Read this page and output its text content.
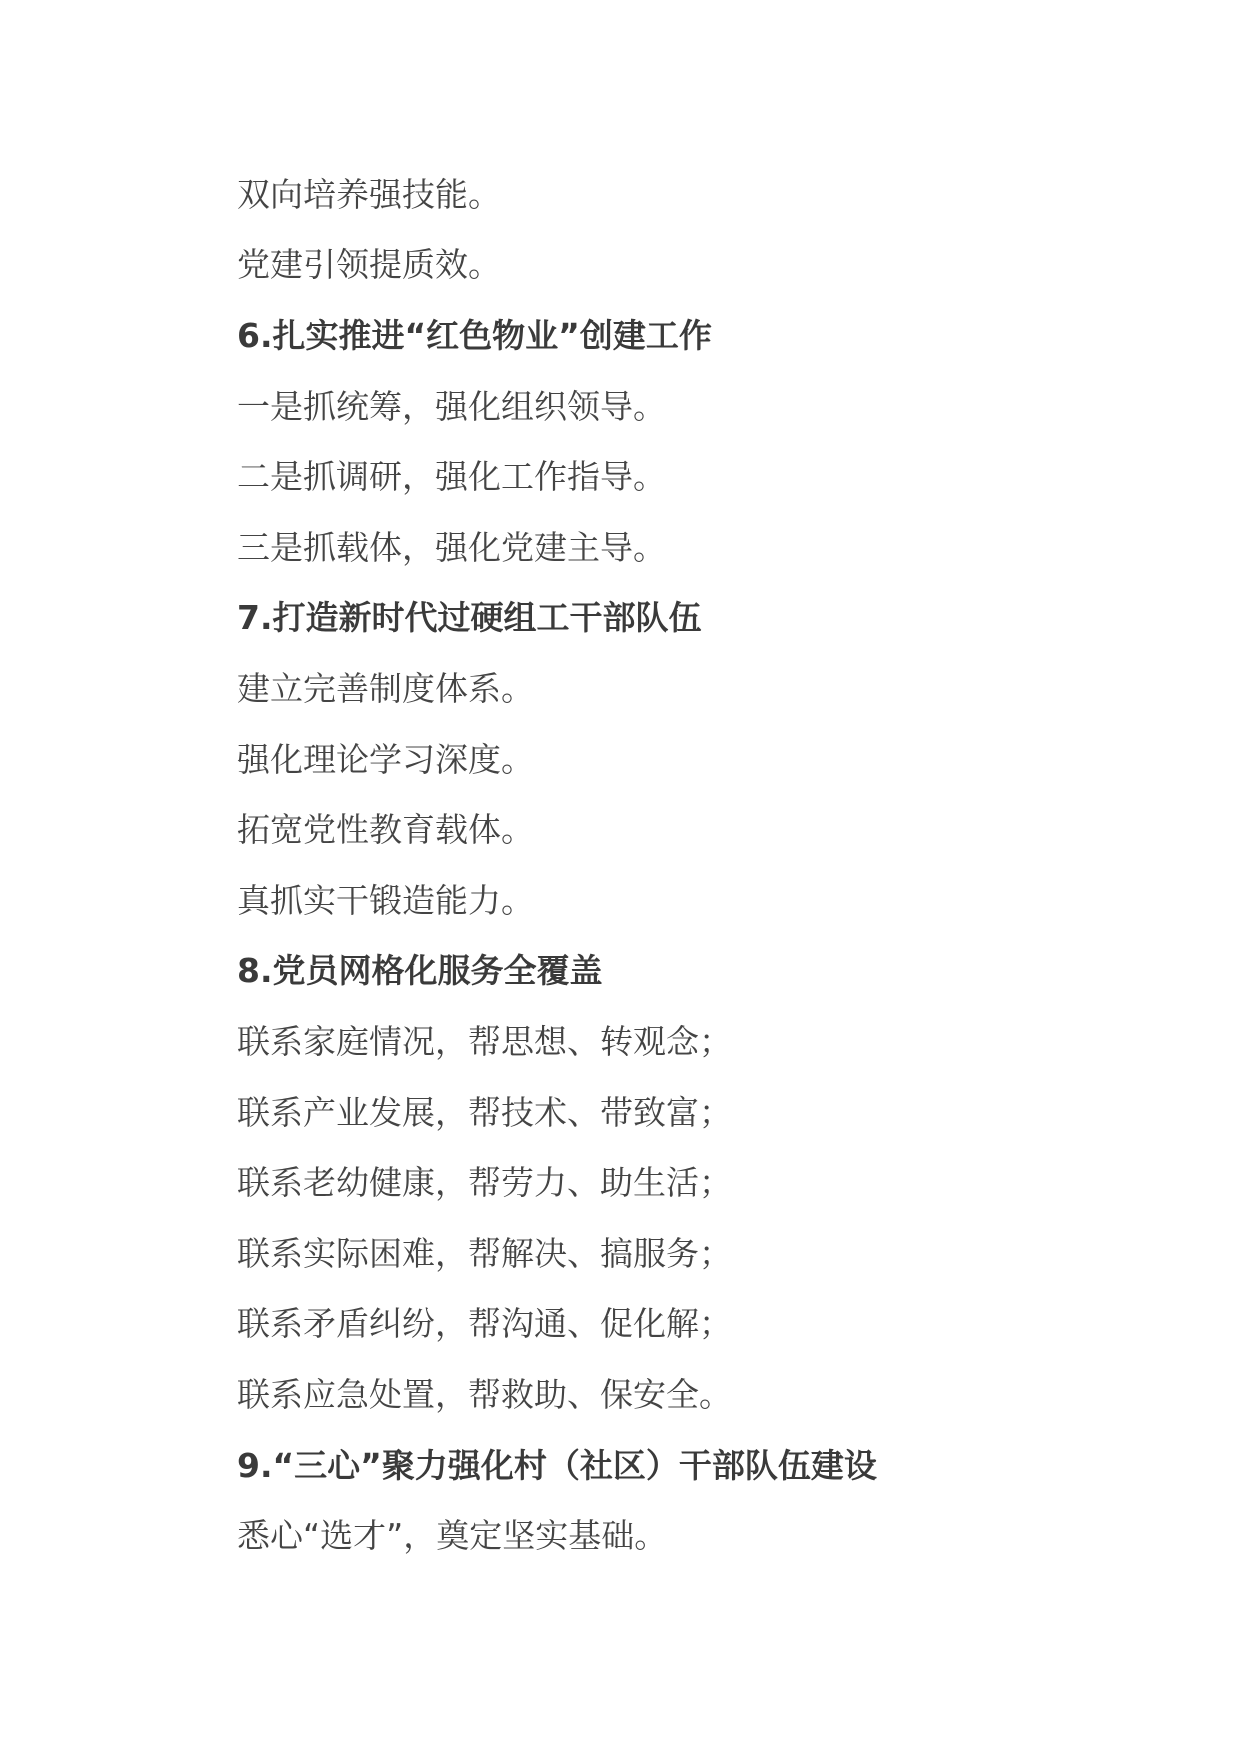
双向培养强技能。
党建引领提质效。
6.扎实推进“红色物业”创建工作
一是抓统筹，强化组织领导。
二是抓调研，强化工作指导。
三是抓载体，强化党建主导。
7.打造新时代过硬组工干部队伍
建立完善制度体系。
强化理论学习深度。
拓宽党性教育载体。
真抓实干锻造能力。
8.党员网格化服务全覆盖
联系家庭情况，帮思想、转观念；
联系产业发展，帮技术、带致富；
联系老幼健康，帮劳力、助生活；
联系实际困难，帮解决、搞服务；
联系矛盾纠纷，帮沟通、促化解；
联系应急处置，帮救助、保安全。
9.“三心”聚力强化村（社区）干部队伍建设
悉心“选才”，奠定坚实基础。
